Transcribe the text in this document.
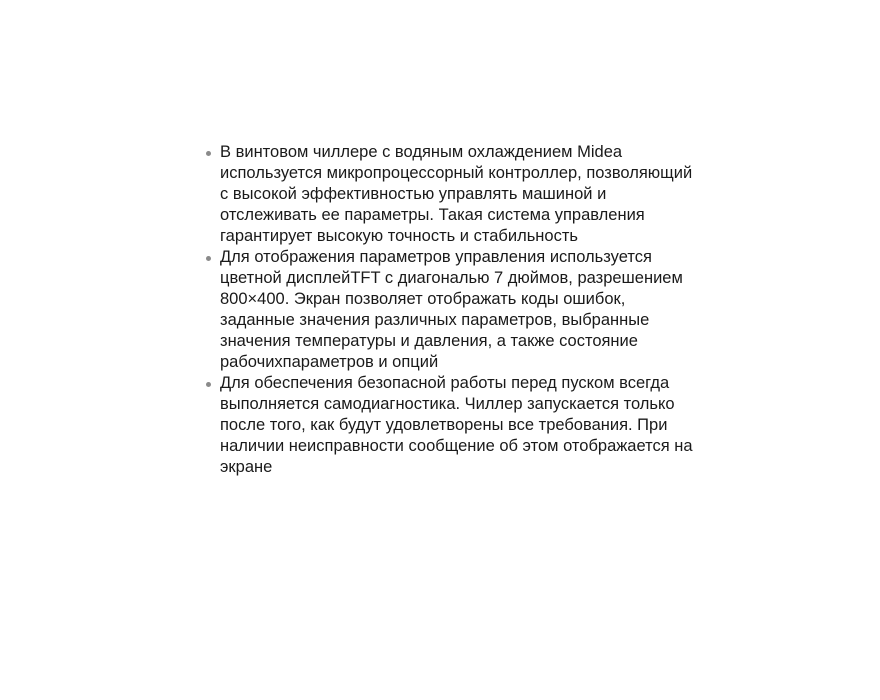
В винтовом чиллере с водяным охлаждением Midea используется микропроцессорный контроллер, позволяющий с высокой эффективностью управлять машиной и отслеживать ее параметры. Такая система управления гарантирует высокую точность и стабильность
Для отображения параметров управления используется цветной дисплейTFT с диагональю 7 дюймов, разрешением 800×400. Экран позволяет отображать коды ошибок, заданные значения различных параметров, выбранные значения температуры и давления, а также состояние рабочихпараметров и опций
Для обеспечения безопасной работы перед пуском всегда выполняется самодиагностика. Чиллер запускается только после того, как будут удовлетворены все требования. При наличии неисправности сообщение об этом отображается на экране
